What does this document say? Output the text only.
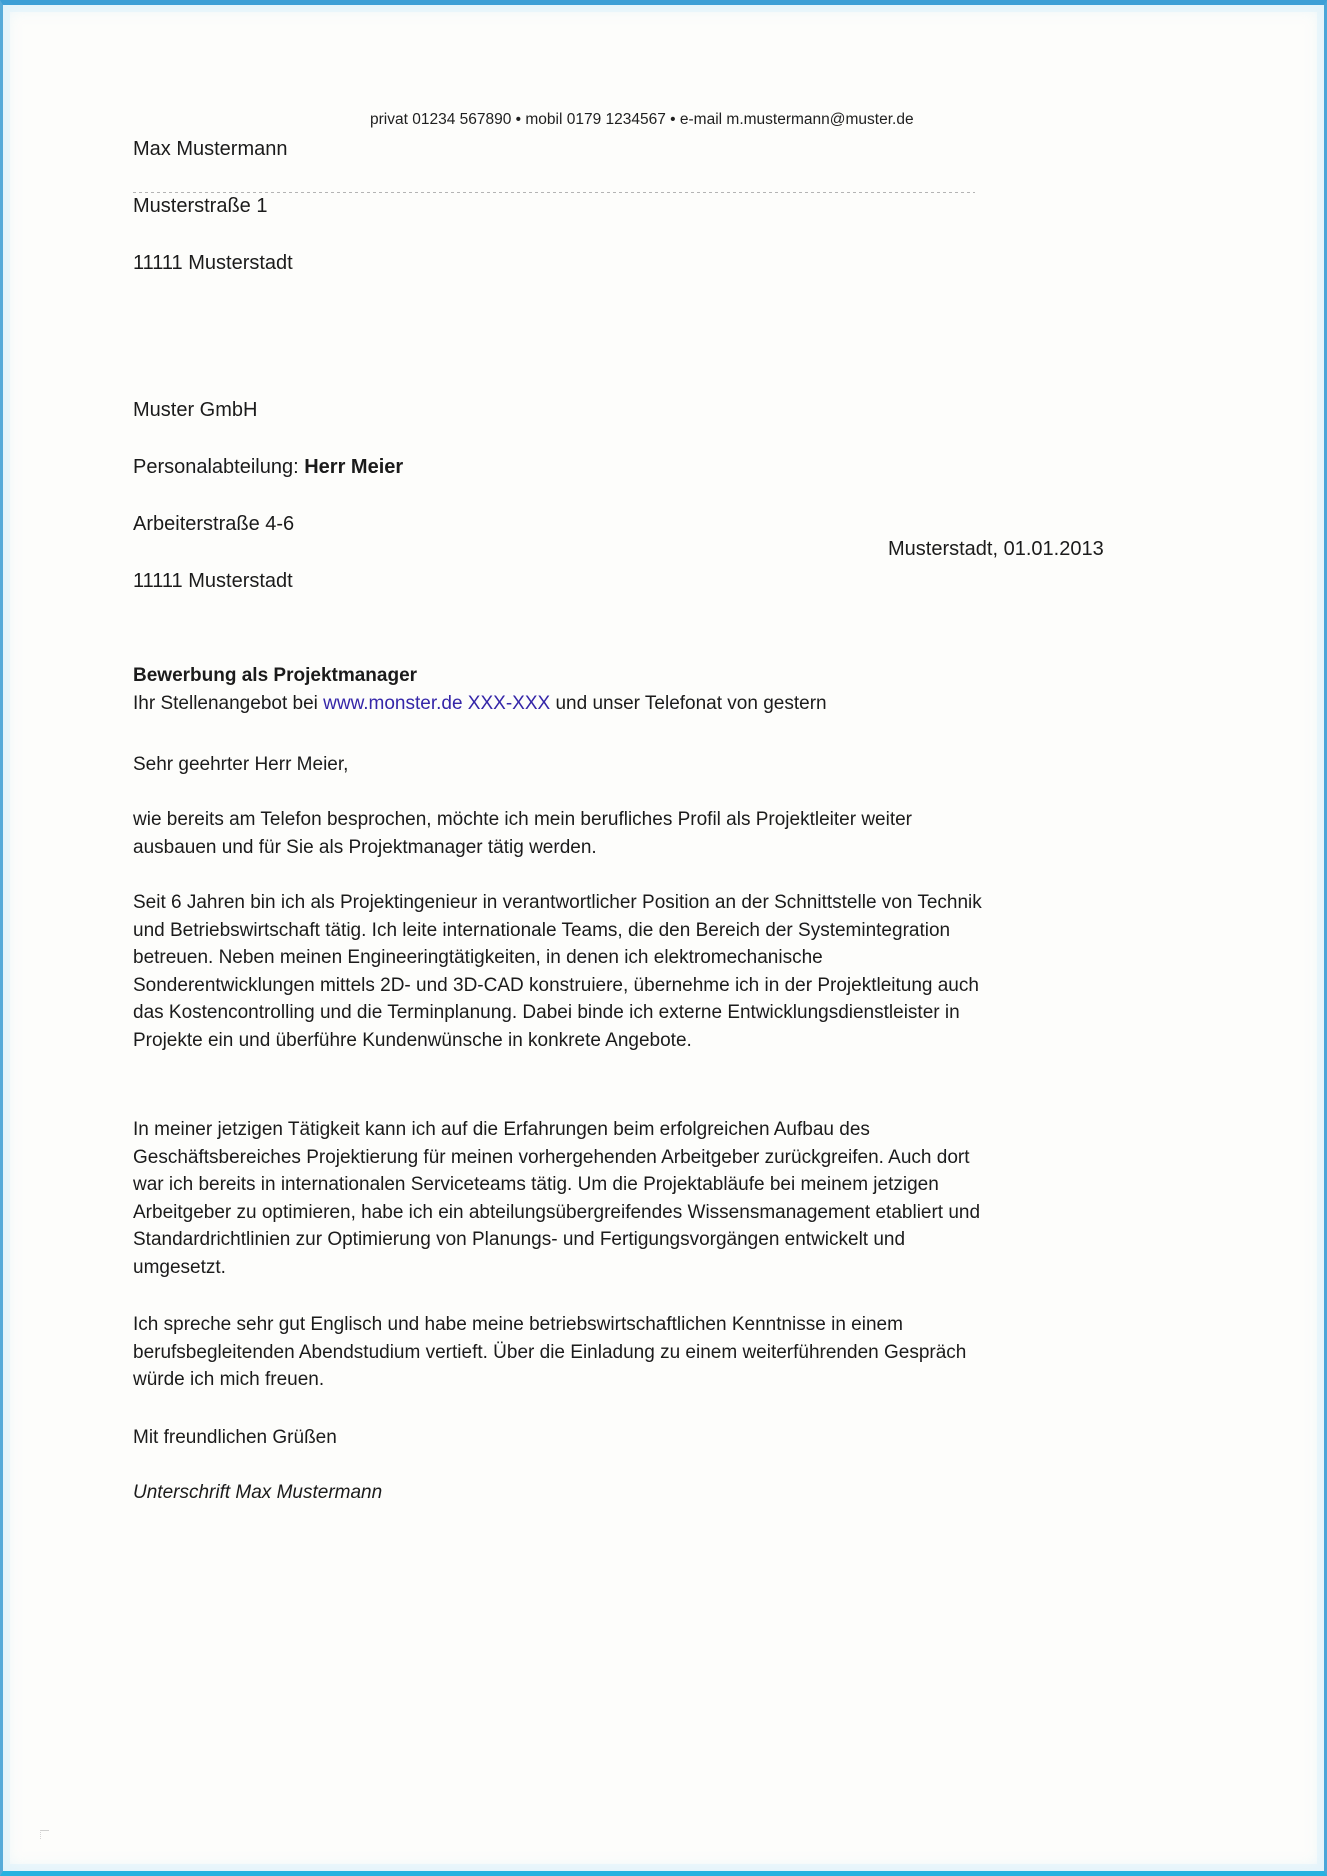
Max Mustermann

Musterstraße 1

11111 Musterstadt

privat 01234 567890 • mobil 0179 1234567 • e-mail m.mustermann@muster.de

Muster GmbH

Personalabteilung: Herr Meier

Arbeiterstraße 4-6

11111 Musterstadt

Musterstadt, 01.01.2013
Bewerbung als Projektmanager
Ihr Stellenangebot bei www.monster.de XXX-XXX und unser Telefonat von gestern
Sehr geehrter Herr Meier,
wie bereits am Telefon besprochen, möchte ich mein berufliches Profil als Projektleiter weiter ausbauen und für Sie als Projektmanager tätig werden.
Seit 6 Jahren bin ich als Projektingenieur in verantwortlicher Position an der Schnittstelle von Technik und Betriebswirtschaft tätig. Ich leite internationale Teams, die den Bereich der Systemintegration betreuen. Neben meinen Engineeringtätigkeiten, in denen ich elektromechanische Sonderentwicklungen mittels 2D- und 3D-CAD konstruiere, übernehme ich in der Projektleitung auch das Kostencontrolling und die Terminplanung. Dabei binde ich externe Entwicklungsdienstleister in Projekte ein und überführe Kundenwünsche in konkrete Angebote.
In meiner jetzigen Tätigkeit kann ich auf die Erfahrungen beim erfolgreichen Aufbau des Geschäftsbereiches Projektierung für meinen vorhergehenden Arbeitgeber zurückgreifen. Auch dort war ich bereits in internationalen Serviceteams tätig. Um die Projektabläufe bei meinem jetzigen Arbeitgeber zu optimieren, habe ich ein abteilungsübergreifendes Wissensmanagement etabliert und Standardrichtlinien zur Optimierung von Planungs- und Fertigungsvorgängen entwickelt und umgesetzt.
Ich spreche sehr gut Englisch und habe meine betriebswirtschaftlichen Kenntnisse in einem berufsbegleitenden Abendstudium vertieft. Über die Einladung zu einem weiterführenden Gespräch würde ich mich freuen.
Mit freundlichen Grüßen
Unterschrift Max Mustermann
